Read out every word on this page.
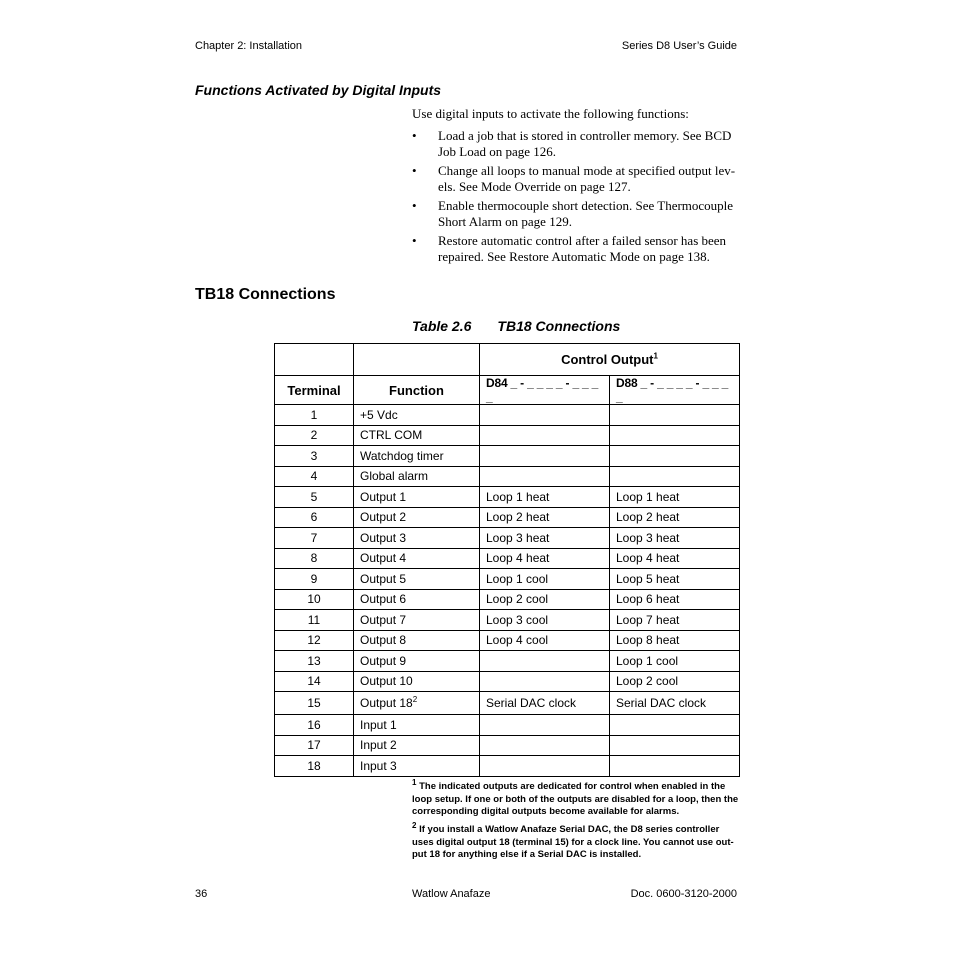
Chapter 2: Installation	Series D8 User’s Guide
Functions Activated by Digital Inputs
Use digital inputs to activate the following functions:
• Load a job that is stored in controller memory. See BCD
Job Load on page 126.
• Change all loops to manual mode at specified output lev-
els. See Mode Override on page 127.
• Enable thermocouple short detection. See Thermocouple
Short Alarm on page 129.
• Restore automatic control after a failed sensor has been
repaired. See Restore Automatic Mode on page 138.
TB18 Connections
Table 2.6 TB18 Connections
		Control Output$^1$
Terminal	Function	D84 _ - _ _ _ _ - _ _ _ _	D88 _ - _ _ _ _ - _ _ _ _
1	+5 Vdc		
2	CTRL COM		
3	Watchdog timer		
4	Global alarm		
5	Output 1	Loop 1 heat	Loop 1 heat
6	Output 2	Loop 2 heat	Loop 2 heat
7	Output 3	Loop 3 heat	Loop 3 heat
8	Output 4	Loop 4 heat	Loop 4 heat
9	Output 5	Loop 1 cool	Loop 5 heat
10	Output 6	Loop 2 cool	Loop 6 heat
11	Output 7	Loop 3 cool	Loop 7 heat
12	Output 8	Loop 4 cool	Loop 8 heat
13	Output 9		Loop 1 cool
14	Output 10		Loop 2 cool
15	Output $18^2$	Serial DAC clock	Serial DAC clock
16	Input 1		
17	Input 2		
18	Input 3		
$^1$ The indicated outputs are dedicated for control when enabled in the loop setup. If one or both of the outputs are disabled for a loop, then the corresponding digital outputs become available for alarms.
$^2$ If you install a Watlow Anafaze Serial DAC, the D8 series controller uses digital output 18 (terminal 15) for a clock line. You cannot use out-put 18 for anything else if a Serial DAC is installed.
36	Watlow Anafaze	Doc. 0600-3120-2000
